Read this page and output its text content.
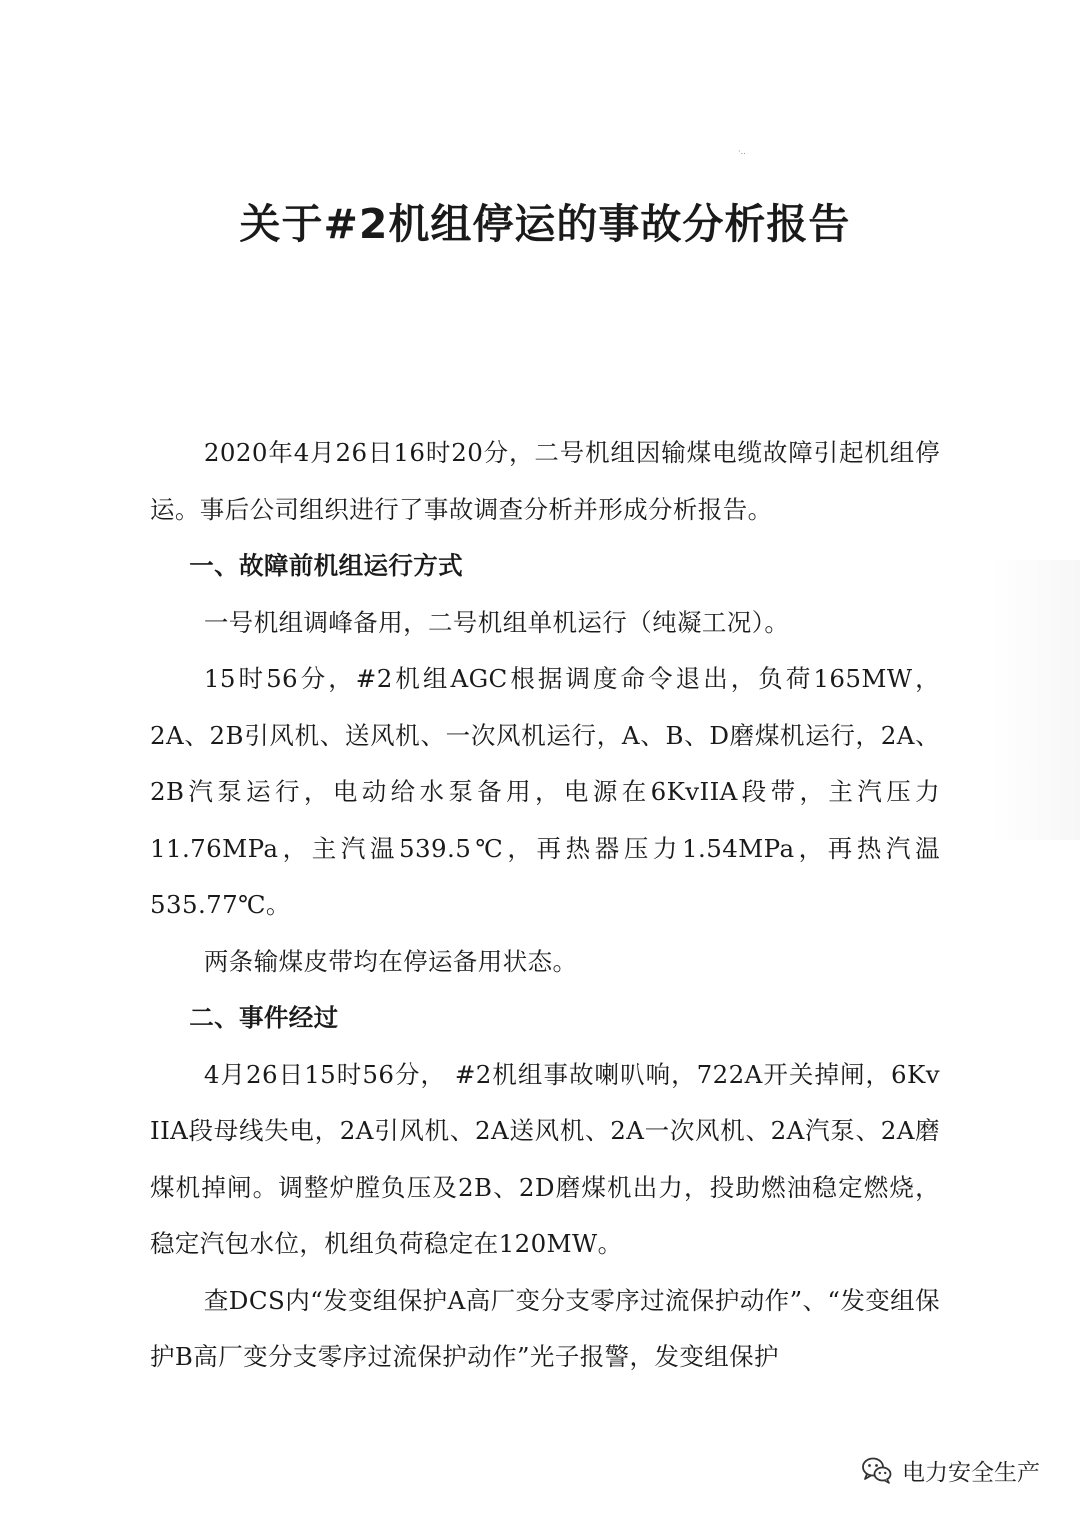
·‥
关于#2机组停运的事故分析报告

2020年4月26日16时20分，二号机组因输煤电缆故障引起机组停运。事后公司组织进行了事故调查分析并形成分析报告。

一、故障前机组运行方式

一号机组调峰备用，二号机组单机运行（纯凝工况）。

15时56分，#2机组AGC根据调度命令退出，负荷165MW，2A、2B引风机、送风机、一次风机运行，A、B、D磨煤机运行，2A、2B汽泵运行，电动给水泵备用，电源在6KvIIA段带，主汽压力11.76MPa，主汽温539.5℃，再热器压力1.54MPa，再热汽温535.77℃。

两条输煤皮带均在停运备用状态。

二、事件经过

4月26日15时56分， #2机组事故喇叭响，722A开关掉闸，6Kv IIA段母线失电，2A引风机、2A送风机、2A一次风机、2A汽泵、2A磨煤机掉闸。调整炉膛负压及2B、2D磨煤机出力，投助燃油稳定燃烧，稳定汽包水位，机组负荷稳定在120MW。

查DCS内“发变组保护A高厂变分支零序过流保护动作”、“发变组保护B高厂变分支零序过流保护动作”光子报警，发变组保护

电力安全生产
